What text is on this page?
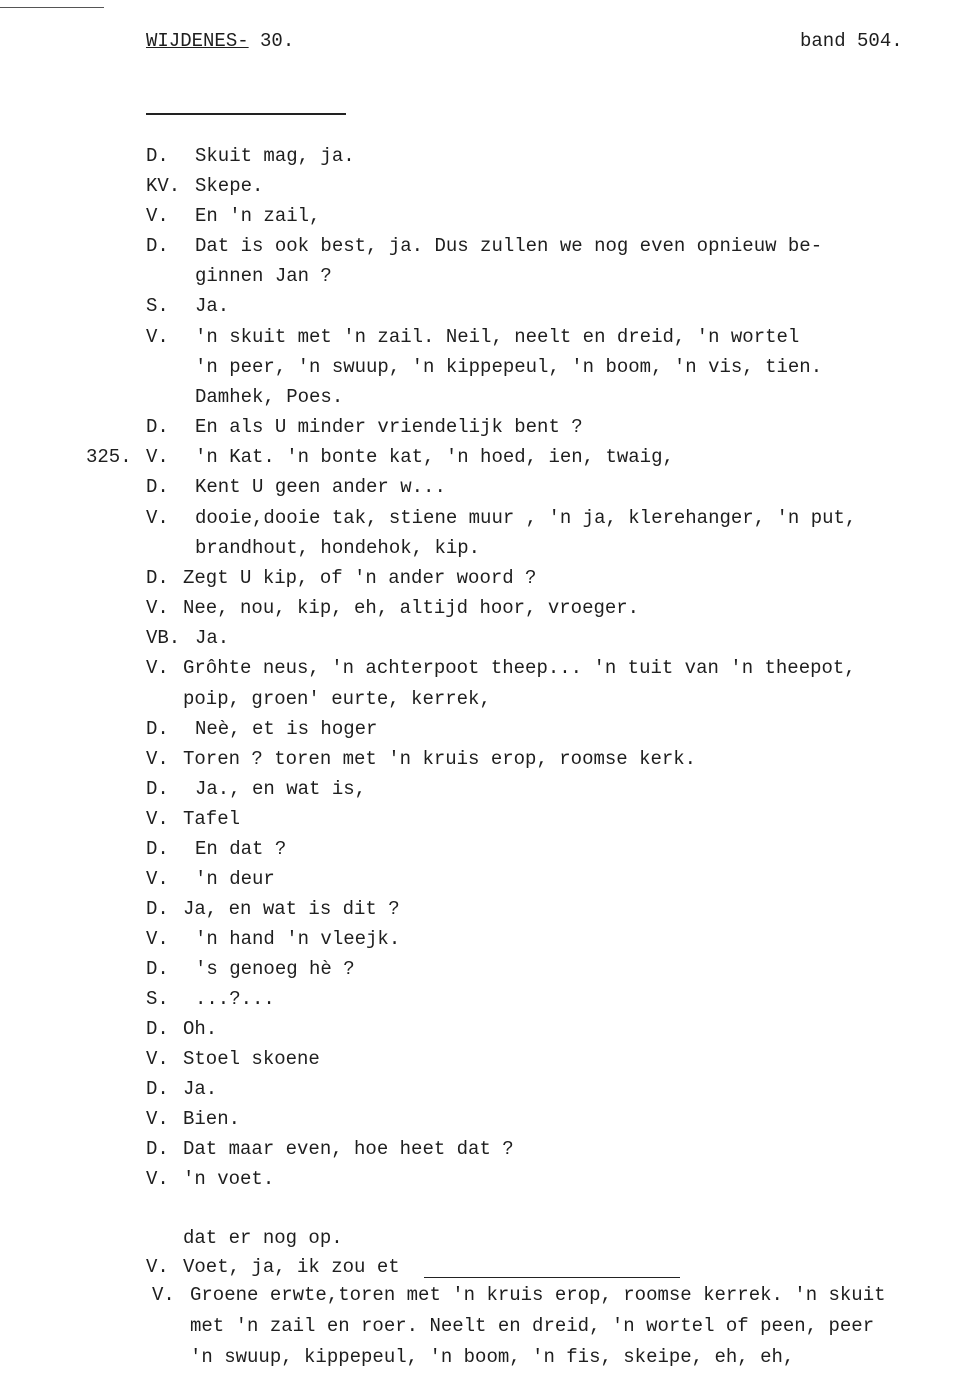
WIJDENES- 30.	band 504.
D. Skuit mag, ja.
KV. Skepe.
V. En 'n zail,
D. Dat is ook best, ja. Dus zullen we nog even opnieuw be-
ginnen Jan ?
S. Ja.
V. 'n skuit met 'n zail. Neil, neelt en dreid, 'n wortel
'n peer, 'n swuup, 'n kippepeul, 'n boom, 'n vis, tien.
Damhek, Poes.
D. En als U minder vriendelijk bent ?
325. V. 'n Kat. 'n bonte kat, 'n hoed, ien, twaig,
D. Kent U geen ander w...
V. dooie,dooie tak, stiene muur , 'n ja, klerehanger, 'n put,
brandhout, hondehok, kip.
D. Zegt U kip, of 'n ander woord ?
V. Nee, nou, kip, eh, altijd hoor, vroeger.
VB. Ja.
V. Grôhte neus, 'n achterpoot theep... 'n tuit van 'n theepot,
poip, groen' eurte, kerrek,
D. Neè, et is hoger
V. Toren ? toren met 'n kruis erop, roomse kerk.
D. Ja., en wat is,
V. Tafel
D. En dat ?
V. 'n deur
D. Ja, en wat is dit ?
V. 'n hand 'n vleejk.
D. 's genoeg hè ?
S. ...?...
D. Oh.
V. Stoel skoene
D. Ja.
V. Bien.
D. Dat maar even, hoe heet dat ?
V. 'n voet.
dat er nog op.
V. Voet, ja, ik zou et
V. Groene erwte,toren met 'n kruis erop, roomse kerrek. 'n skuit
met 'n zail en roer. Neelt en dreid, 'n wortel of peen, peer
'n swuup, kippepeul, 'n boom, 'n fis, skeipe, eh, eh,
